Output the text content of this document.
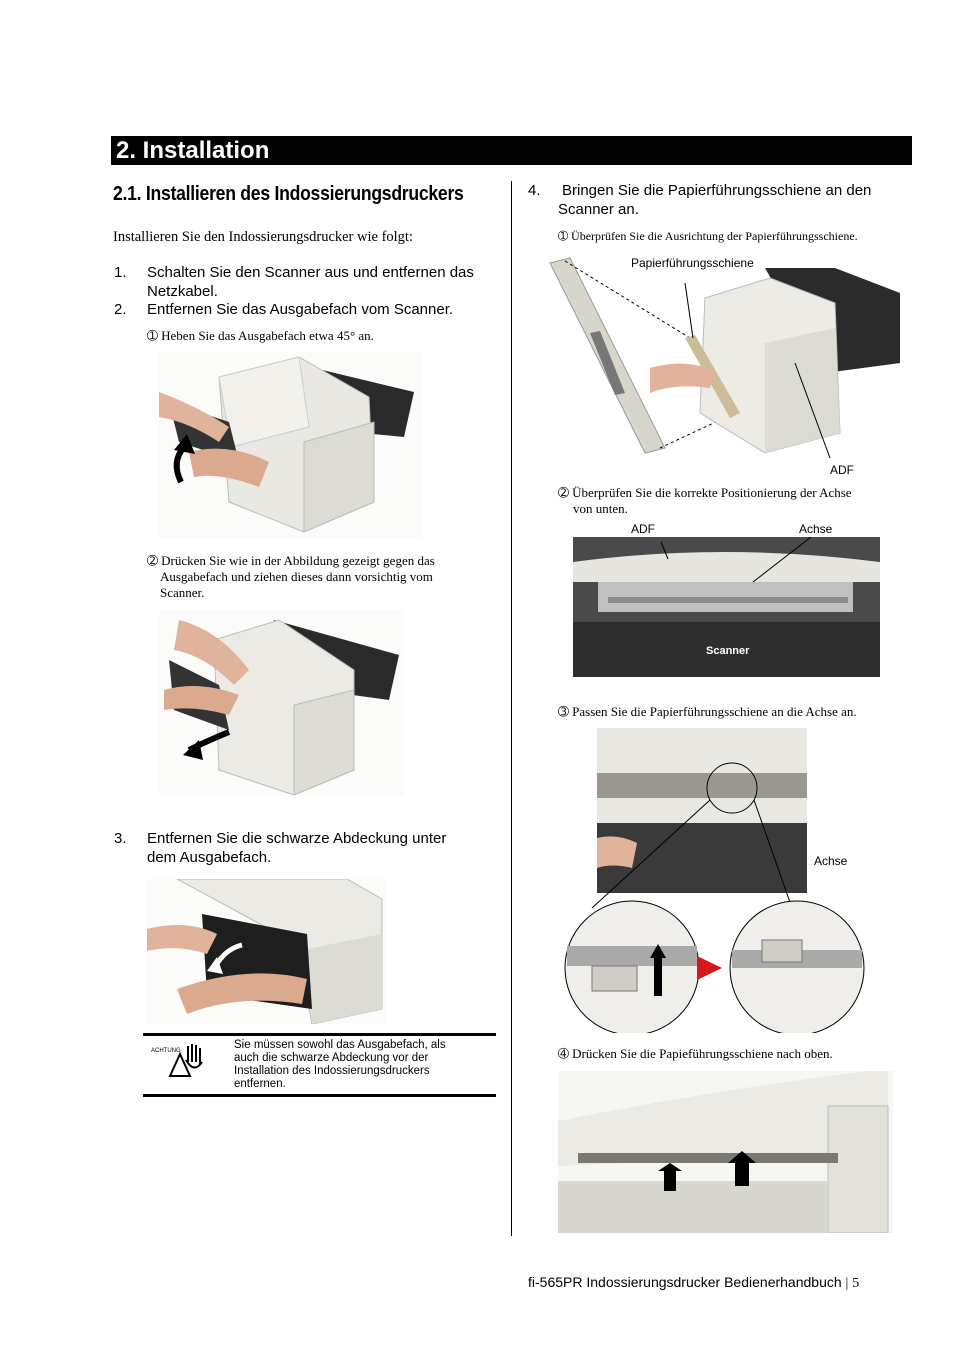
2. Installation
2.1. Installieren des Indossierungsdruckers
Installieren Sie den Indossierungsdrucker wie folgt:
1. Schalten Sie den Scanner aus und entfernen das
Netzkabel.
2. Entfernen Sie das Ausgabefach vom Scanner.
➀ Heben Sie das Ausgabefach etwa 45° an.
➁ Drücken Sie wie in der Abbildung gezeigt gegen das
Ausgabefach und ziehen dieses dann vorsichtig vom
Scanner.
3. Entfernen Sie die schwarze Abdeckung unter
dem Ausgabefach.
ACHTUNG	Sie müssen sowohl das Ausgabefach, als
auch die schwarze Abdeckung vor der
Installation des Indossierungsdruckers
entfernen.
4. Bringen Sie die Papierführungsschiene an den
Scanner an.
➀ Überprüfen Sie die Ausrichtung der Papierführungsschiene.
Papierführungsschiene
ADF
➁ Überprüfen Sie die korrekte Positionierung der Achse
von unten.
ADF	Achse
Scanner
➂ Passen Sie die Papierführungsschiene an die Achse an.
Achse
➃ Drücken Sie die Papieführungsschiene nach oben.
fi-565PR Indossierungsdrucker Bedienerhandbuch | 5
